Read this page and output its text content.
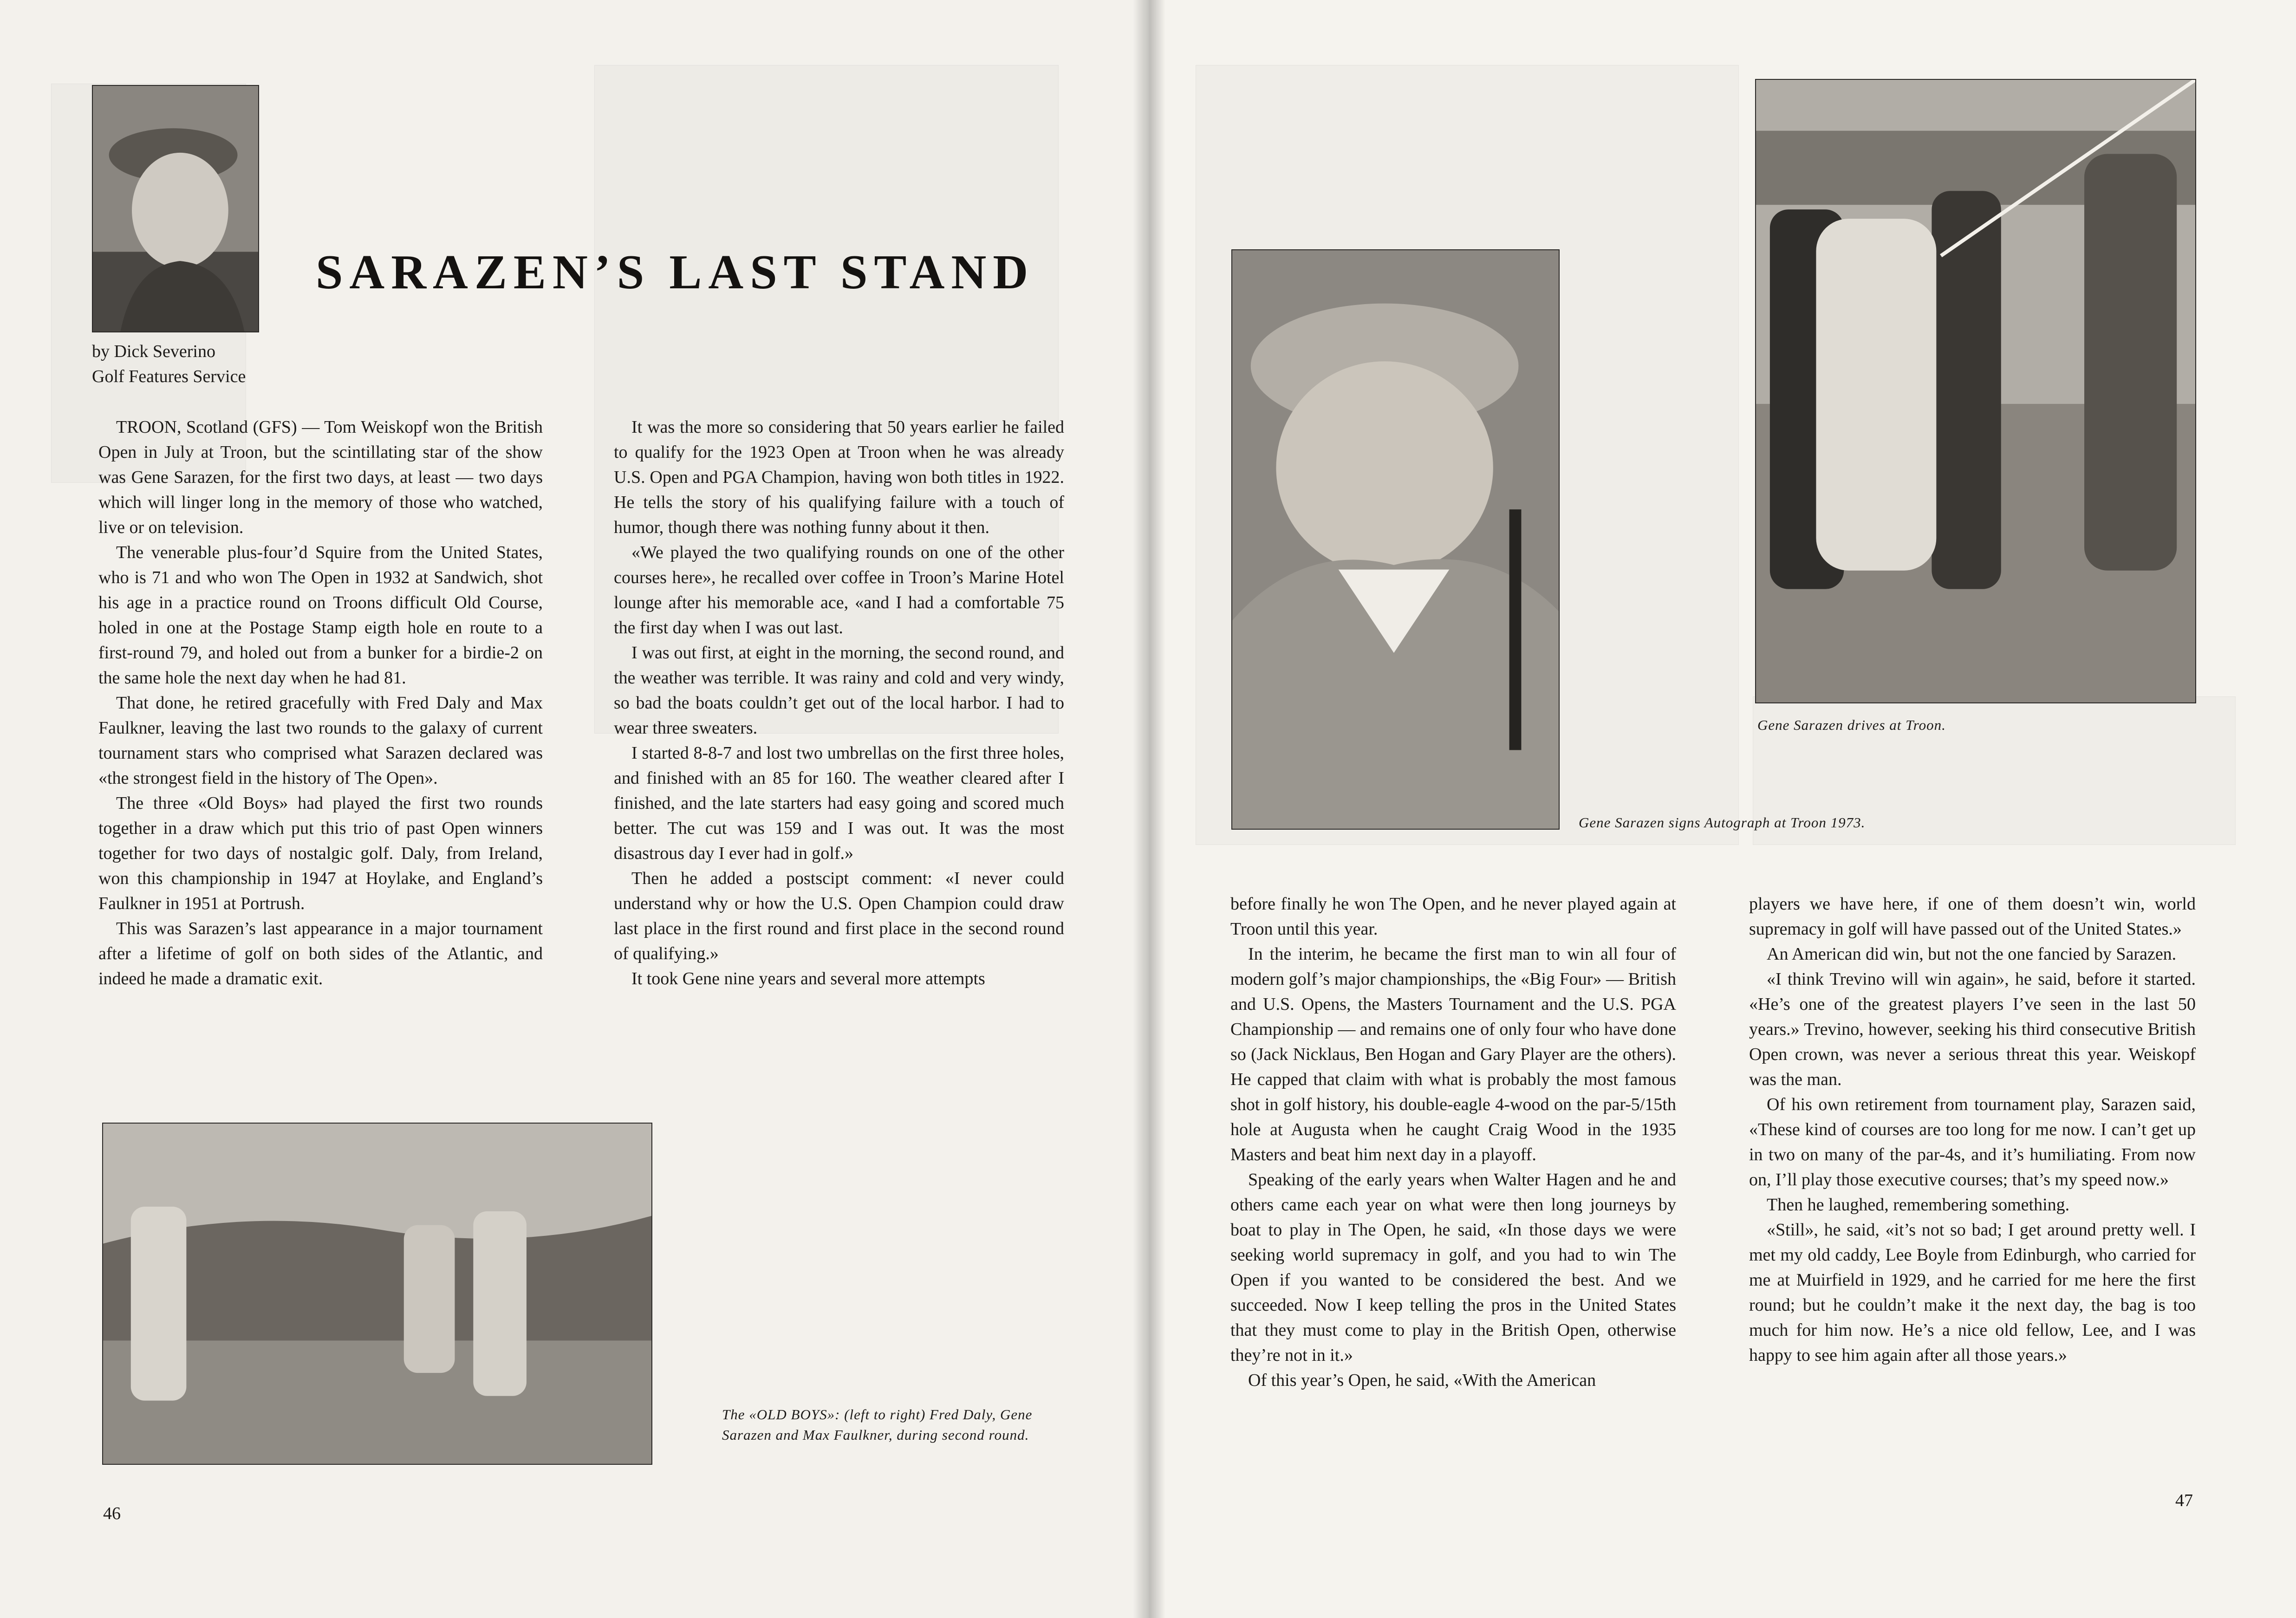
SARAZEN’S LAST STAND
by Dick Severino
Golf Features Service

TROON, Scotland (GFS) — Tom Weiskopf won the British Open in July at Troon, but the scintillating star of the show was Gene Sarazen, for the first two days, at least — two days which will linger long in the memory of those who watched, live or on television.

The venerable plus-four’d Squire from the United States, who is 71 and who won The Open in 1932 at Sandwich, shot his age in a practice round on Troons difficult Old Course, holed in one at the Postage Stamp eigth hole en route to a first-round 79, and holed out from a bunker for a birdie-2 on the same hole the next day when he had 81.

That done, he retired gracefully with Fred Daly and Max Faulkner, leaving the last two rounds to the galaxy of current tournament stars who comprised what Sarazen declared was «the strongest field in the history of The Open».

The three «Old Boys» had played the first two rounds together in a draw which put this trio of past Open winners together for two days of nostalgic golf. Daly, from Ireland, won this championship in 1947 at Hoylake, and England’s Faulkner in 1951 at Portrush.

This was Sarazen’s last appearance in a major tournament after a lifetime of golf on both sides of the Atlantic, and indeed he made a dramatic exit.

It was the more so considering that 50 years earlier he failed to qualify for the 1923 Open at Troon when he was already U.S. Open and PGA Champion, having won both titles in 1922. He tells the story of his qualifying failure with a touch of humor, though there was nothing funny about it then.

«We played the two qualifying rounds on one of the other courses here», he recalled over coffee in Troon’s Marine Hotel lounge after his memorable ace, «and I had a comfortable 75 the first day when I was out last.

I was out first, at eight in the morning, the second round, and the weather was terrible. It was rainy and cold and very windy, so bad the boats couldn’t get out of the local harbor. I had to wear three sweaters.

I started 8-8-7 and lost two umbrellas on the first three holes, and finished with an 85 for 160. The weather cleared after I finished, and the late starters had easy going and scored much better. The cut was 159 and I was out. It was the most disastrous day I ever had in golf.»

Then he added a postscipt comment: «I never could understand why or how the U.S. Open Champion could draw last place in the first round and first place in the second round of qualifying.»

It took Gene nine years and several more attempts

The «OLD BOYS»: (left to right) Fred Daly, Gene Sarazen and Max Faulkner, during second round.
46
Gene Sarazen drives at Troon.
Gene Sarazen signs Autograph at Troon 1973.

before finally he won The Open, and he never played again at Troon until this year.

In the interim, he became the first man to win all four of modern golf’s major championships, the «Big Four» — British and U.S. Opens, the Masters Tournament and the U.S. PGA Championship — and remains one of only four who have done so (Jack Nicklaus, Ben Hogan and Gary Player are the others). He capped that claim with what is probably the most famous shot in golf history, his double-eagle 4-wood on the par-5/15th hole at Augusta when he caught Craig Wood in the 1935 Masters and beat him next day in a playoff.

Speaking of the early years when Walter Hagen and he and others came each year on what were then long journeys by boat to play in The Open, he said, «In those days we were seeking world supremacy in golf, and you had to win The Open if you wanted to be considered the best. And we succeeded. Now I keep telling the pros in the United States that they must come to play in the British Open, otherwise they’re not in it.»

Of this year’s Open, he said, «With the American

players we have here, if one of them doesn’t win, world supremacy in golf will have passed out of the United States.»

An American did win, but not the one fancied by Sarazen.

«I think Trevino will win again», he said, before it started. «He’s one of the greatest players I’ve seen in the last 50 years.» Trevino, however, seeking his third consecutive British Open crown, was never a serious threat this year. Weiskopf was the man.

Of his own retirement from tournament play, Sarazen said, «These kind of courses are too long for me now. I can’t get up in two on many of the par-4s, and it’s humiliating. From now on, I’ll play those executive courses; that’s my speed now.»

Then he laughed, remembering something.

«Still», he said, «it’s not so bad; I get around pretty well. I met my old caddy, Lee Boyle from Edinburgh, who carried for me at Muirfield in 1929, and he carried for me here the first round; but he couldn’t make it the next day, the bag is too much for him now. He’s a nice old fellow, Lee, and I was happy to see him again after all those years.»

47
